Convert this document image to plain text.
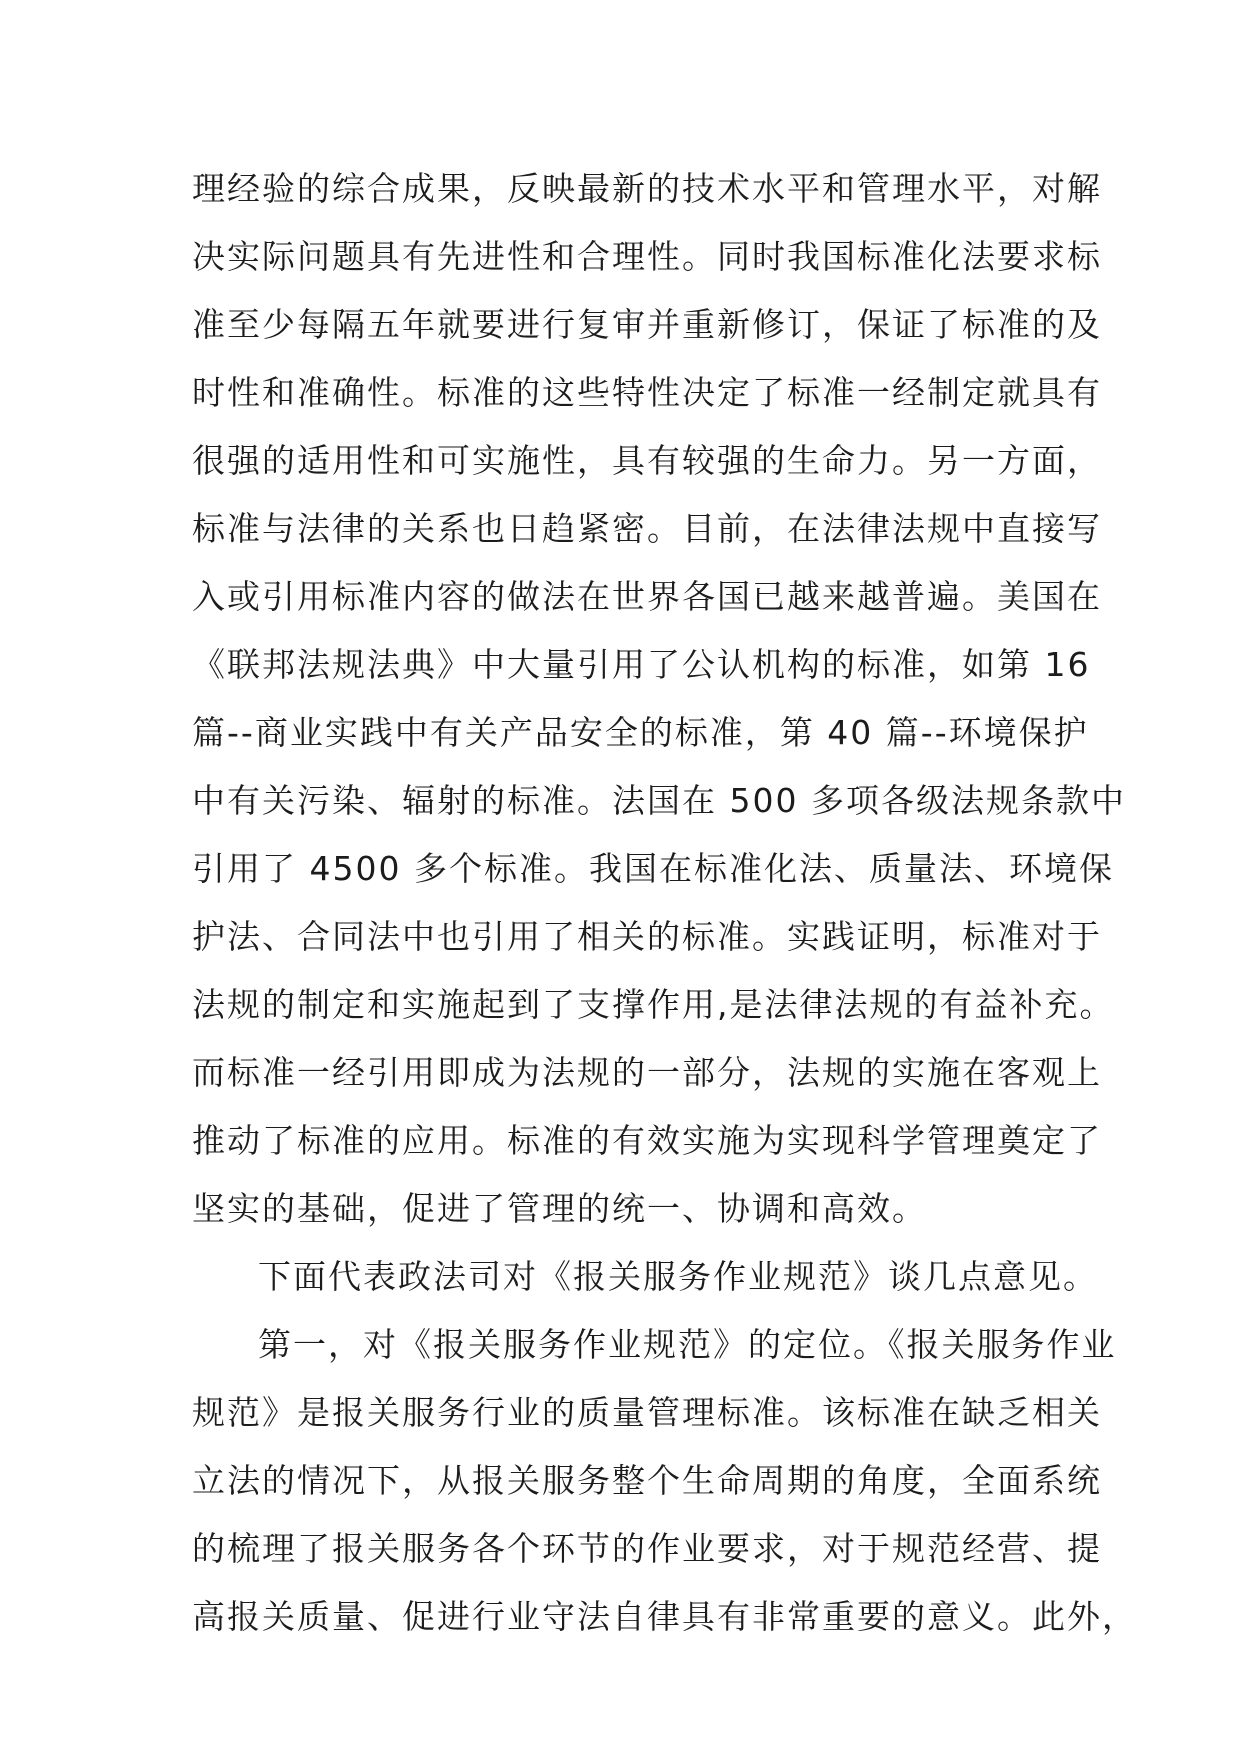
理经验的综合成果，反映最新的技术水平和管理水平，对解
决实际问题具有先进性和合理性。同时我国标准化法要求标
准至少每隔五年就要进行复审并重新修订，保证了标准的及
时性和准确性。标准的这些特性决定了标准一经制定就具有
很强的适用性和可实施性，具有较强的生命力。另一方面，
标准与法律的关系也日趋紧密。目前，在法律法规中直接写
入或引用标准内容的做法在世界各国已越来越普遍。美国在
《联邦法规法典》中大量引用了公认机构的标准，如第 16
篇--商业实践中有关产品安全的标准，第 40 篇--环境保护
中有关污染、辐射的标准。法国在 500 多项各级法规条款中
引用了 4500 多个标准。我国在标准化法、质量法、环境保
护法、合同法中也引用了相关的标准。实践证明，标准对于
法规的制定和实施起到了支撑作用,是法律法规的有益补充。
而标准一经引用即成为法规的一部分，法规的实施在客观上
推动了标准的应用。标准的有效实施为实现科学管理奠定了
坚实的基础，促进了管理的统一、协调和高效。
下面代表政法司对《报关服务作业规范》谈几点意见。
第一，对《报关服务作业规范》的定位。《报关服务作业
规范》是报关服务行业的质量管理标准。该标准在缺乏相关
立法的情况下，从报关服务整个生命周期的角度，全面系统
的梳理了报关服务各个环节的作业要求，对于规范经营、提
高报关质量、促进行业守法自律具有非常重要的意义。此外，
